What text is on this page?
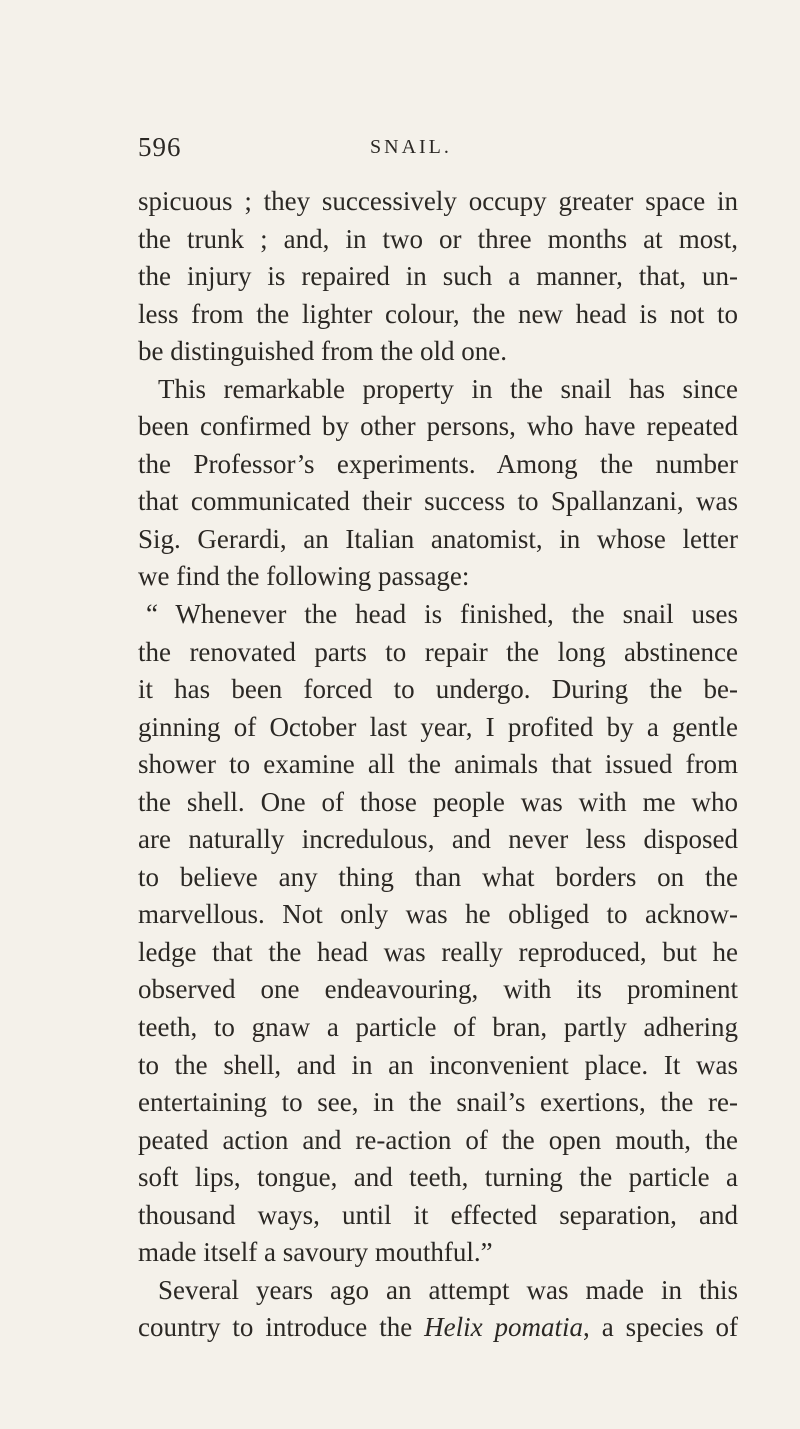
596	SNAIL.
spicuous ; they successively occupy greater space in
the trunk ; and, in two or three months at most,
the injury is repaired in such a manner, that, un-
less from the lighter colour, the new head is not to
be distinguished from the old one.
This remarkable property in the snail has since
been confirmed by other persons, who have repeated
the Professor’s experiments. Among the number
that communicated their success to Spallanzani, was
Sig. Gerardi, an Italian anatomist, in whose letter
we find the following passage:
“ Whenever the head is finished, the snail uses
the renovated parts to repair the long abstinence
it has been forced to undergo. During the be-
ginning of October last year, I profited by a gentle
shower to examine all the animals that issued from
the shell. One of those people was with me who
are naturally incredulous, and never less disposed
to believe any thing than what borders on the
marvellous. Not only was he obliged to acknow-
ledge that the head was really reproduced, but he
observed one endeavouring, with its prominent
teeth, to gnaw a particle of bran, partly adhering
to the shell, and in an inconvenient place. It was
entertaining to see, in the snail’s exertions, the re-
peated action and re-action of the open mouth, the
soft lips, tongue, and teeth, turning the particle a
thousand ways, until it effected separation, and
made itself a savoury mouthful.”
Several years ago an attempt was made in this
country to introduce the Helix pomatia, a species of
